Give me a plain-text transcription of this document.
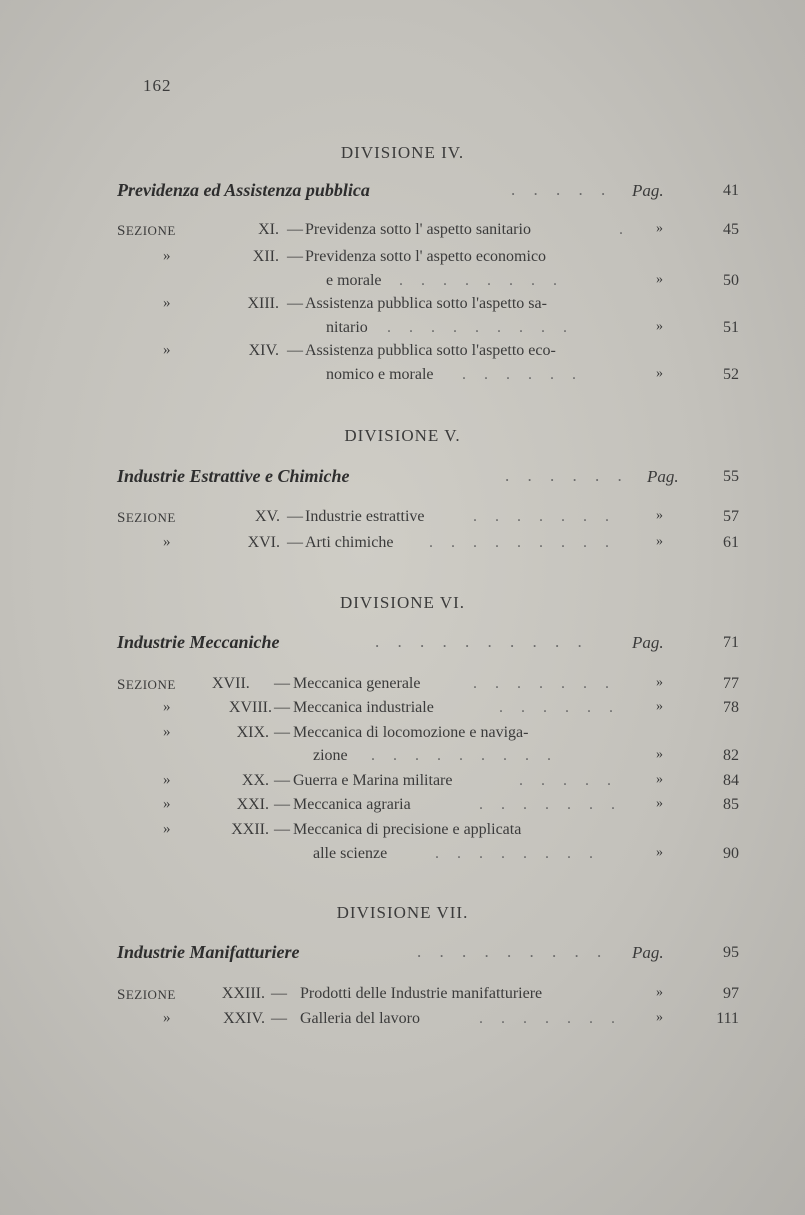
162
DIVISIONE IV.
Previdenza ed Assistenza pubblica	. . . . . Pag.	41
SEZIONE	XI. — Previdenza sotto l' aspetto sanitario	. »	45
»	XII. — Previdenza sotto l' aspetto economico
e morale . . . . . . . .	»	50
»	XIII. — Assistenza pubblica sotto l'aspetto sa-
nitario . . . . . . . . .	»	51
»	XIV. — Assistenza pubblica sotto l'aspetto eco-
nomico e morale . . . . . .	»	52
DIVISIONE V.
Industrie Estrattive e Chimiche	. . . . . . Pag.	55
SEZIONE	XV. — Industrie estrattive	. . . . . . .	»	57
»	XVI. — Arti chimiche . . . . . . . . .	»	61
DIVISIONE VI.
Industrie Meccaniche	. . . . . . . . . .	Pag.	71
SEZIONE XVII.	— Meccanica generale	. . . . . . .	»	77
»	XVIII. — Meccanica industriale	. . . . . .	»	78
»	XIX. — Meccanica di locomozione e naviga-
zione . . . . . . . . .	»	82
»	XX. — Guerra e Marina militare	. . . . .	»	84
»	XXI. — Meccanica agraria	. . . . . . . »	85
»	XXII. — Meccanica di precisione e applicata
alle scienze	. . . . . . . .	»	90
DIVISIONE VII.
Industrie Manifatturiere	. . . . . . . . . Pag.	95
SEZIONE	XXIII. — Prodotti delle Industrie manifatturiere	»	97
»	XXIV. — Galleria del lavoro	. . . . . . . »	111
